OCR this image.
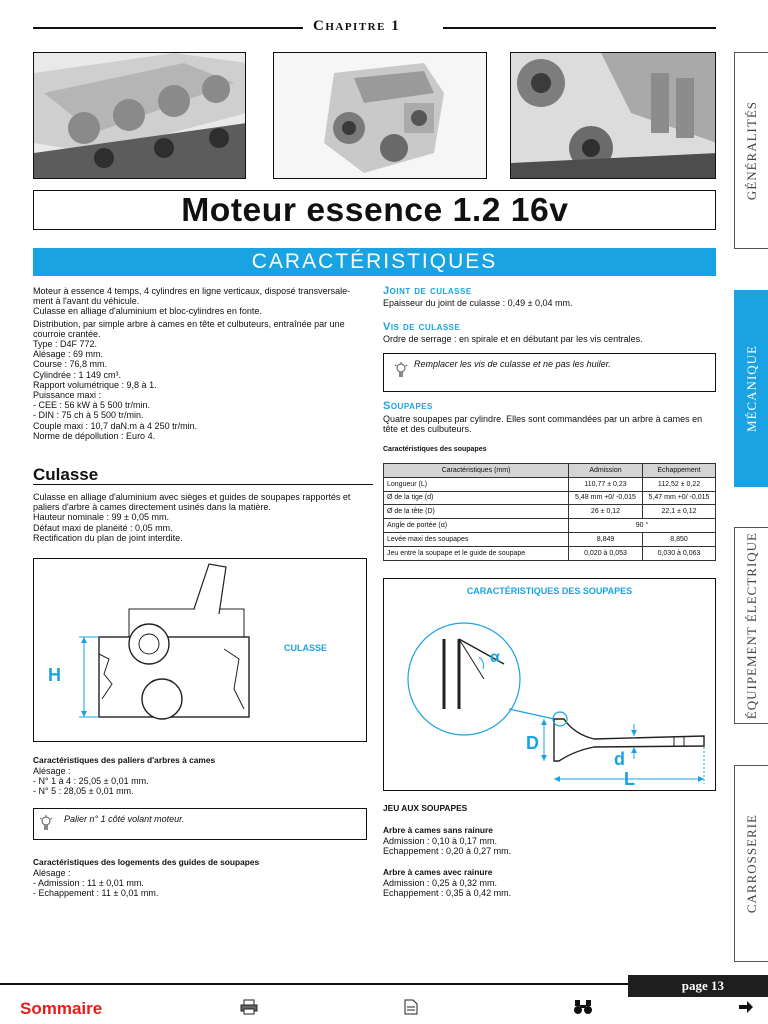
Chapitre 1
Moteur essence 1.2 16v
CARACTÉRISTIQUES
GÉNÉRALITÉS
MÉCANIQUE
ÉQUIPEMENT ÉLECTRIQUE
CARROSSERIE
Moteur à essence 4 temps, 4 cylindres en ligne verticaux, disposé transversale-
ment à l'avant du véhicule.
Culasse en alliage d'aluminium et bloc-cylindres en fonte.
Distribution, par simple arbre à cames en tête et culbuteurs, entraînée par une
courroie crantée.
Type : D4F 772.
Alésage : 69 mm.
Course : 76,8 mm.
Cylindrée : 1 149 cm³.
Rapport volumétrique : 9,8 à 1.
Puissance maxi :
- CEE : 56 kW à 5 500 tr/min.
- DIN : 75 ch à 5 500 tr/min.
Couple maxi : 10,7 daN.m à 4 250 tr/min.
Norme de dépollution : Euro 4.
Culasse
Culasse en alliage d'aluminium avec sièges et guides de soupapes rapportés et
paliers d'arbre à cames directement usinés dans la matière.
Hauteur nominale : 99 ± 0,05 mm.
Défaut maxi de planéité : 0,05 mm.
Rectification du plan de joint interdite.
H
CULASSE
Caractéristiques des paliers d'arbres à cames
Alésage :
- N° 1 à 4 : 25,05 ± 0,01 mm.
- N° 5 : 28,05 ± 0,01 mm.
Palier n° 1 côté volant moteur.
Caractéristiques des logements des guides de soupapes
Alésage :
- Admission : 11 ± 0,01 mm.
- Echappement : 11 ± 0,01 mm.
Joint de culasse
Epaisseur du joint de culasse : 0,49 ± 0,04 mm.
Vis de culasse
Ordre de serrage : en spirale et en débutant par les vis centrales.
Remplacer les vis de culasse et ne pas les huiler.
Soupapes
Quatre soupapes par cylindre. Elles sont commandées par un arbre à cames en
tête et des culbuteurs.
Caractéristiques des soupapes
Caractéristiques (mm)	Admission	Echappement
Longueur (L)	110,77 ± 0,23	112,52 ± 0,22
Ø de la tige (d)	5,48 mm +0/ -0,015	5,47 mm +0/ -0,015
Ø de la tête (D)	26 ± 0,12	22,1 ± 0,12
Angle de portée (α)	90 °	
Levée maxi des soupapes	8,849	8,850
Jeu entre la soupape et le guide de soupape	0,020 à 0,053	0,030 à 0,063
CARACTÉRISTIQUES DES SOUPAPES
α
D
d
L
JEU AUX SOUPAPES
Arbre à cames sans rainure
Admission : 0,10 à 0,17 mm.
Echappement : 0,20 à 0,27 mm.
Arbre à cames avec rainure
Admission : 0,25 à 0,32 mm.
Echappement : 0,35 à 0,42 mm.
page 13
Sommaire
